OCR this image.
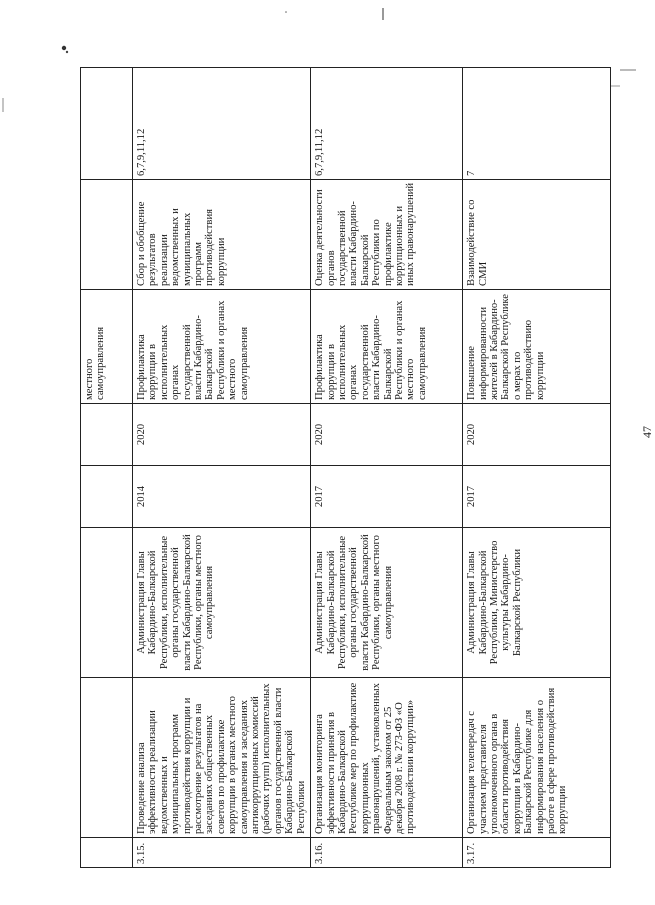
					местного самоуправления		
3.15.	Проведение анализа эффективности реализации ведомственных и муниципальных программ противодействия коррупции и рассмотрение результатов на заседаниях общественных советов по профилактике коррупции в органах местного самоуправления и заседаниях антикоррупционных комиссий (рабочих групп) исполнительных органов государственной власти Кабардино-Балкарской Республики	Администрация Главы Кабардино-Балкарской Республики, исполнительные органы государственной власти Кабардино-Балкарской Республики, органы местного самоуправления	2014	2020	Профилактика коррупции в исполнительных органах государственной власти Кабардино-Балкарской Республики и органах местного самоуправления	Сбор и обобщение результатов реализации ведомственных и муниципальных программ противодействия коррупции	6,7,9,11,12
3.16.	Организация мониторинга эффективности принятия в Кабардино-Балкарской Республике мер по профилактике коррупционных правонарушений, установленных Федеральным законом от 25 декабря 2008 г. № 273-ФЗ «О противодействии коррупции»	Администрация Главы Кабардино-Балкарской Республики, исполнительные органы государственной власти Кабардино-Балкарской Республики, органы местного самоуправления	2017	2020	Профилактика коррупции в исполнительных органах государственной власти Кабардино-Балкарской Республики и органах местного самоуправления	Оценка деятельности органов государственной власти Кабардино-Балкарской Республики по профилактике коррупционных и иных правонарушений	6,7,9,11,12
3.17.	Организация телепередач с участием представителя уполномоченного органа в области противодействия коррупции в Кабардино-Балкарской Республике для информирования населения о работе в сфере противодействия коррупции	Администрация Главы Кабардино-Балкарской Республики, Министерство культуры Кабардино-Балкарской Республики	2017	2020	Повышение информированности жителей в Кабардино-Балкарской Республике о мерах по противодействию коррупции	Взаимодействие со СМИ	7
47
